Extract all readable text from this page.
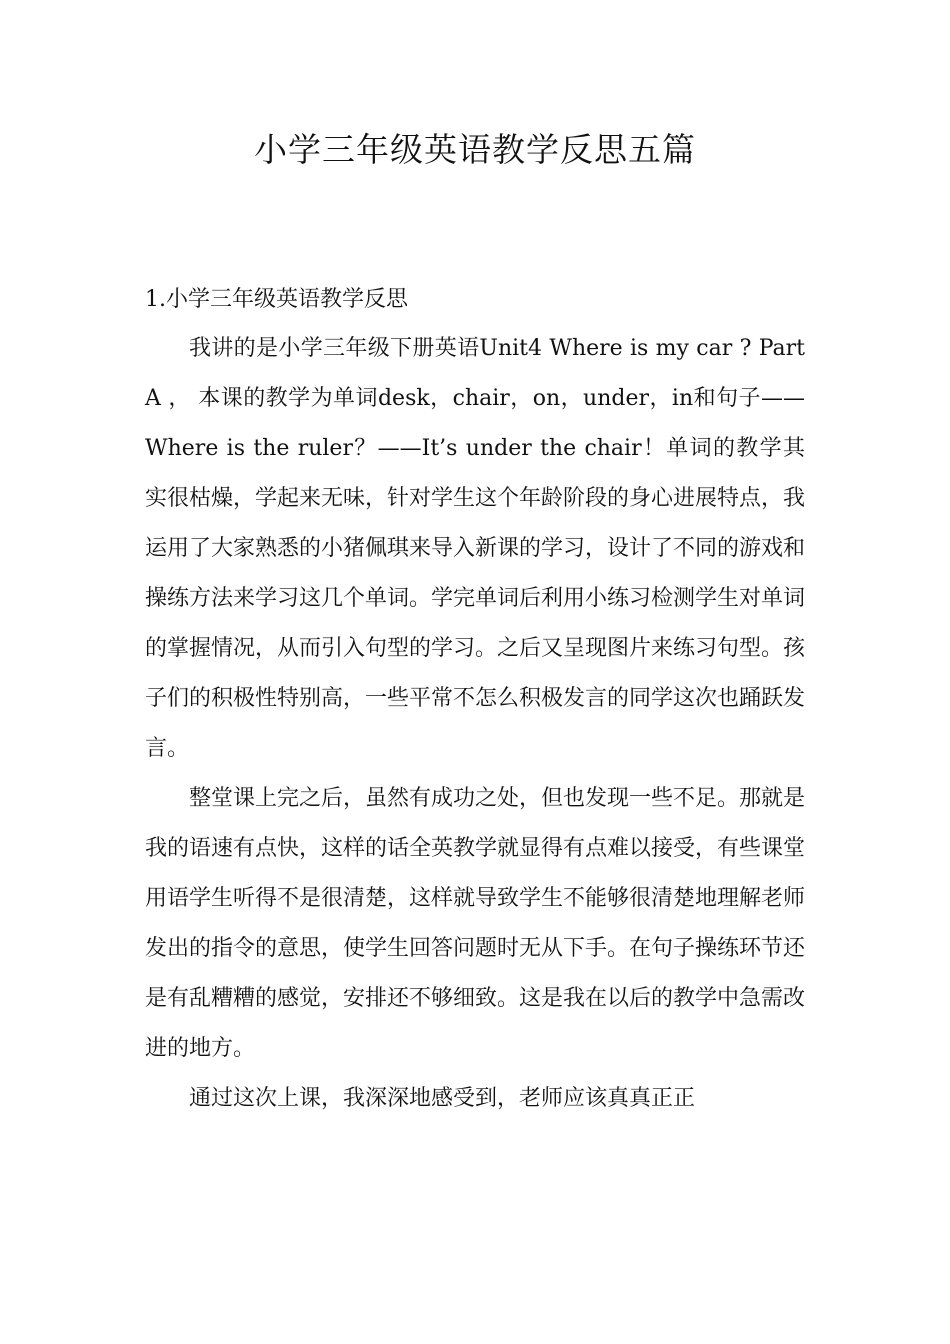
小学三年级英语教学反思五篇
1.小学三年级英语教学反思

我讲的是小学三年级下册英语Unit4 Where is my car ? PartA ， 本课的教学为单词desk，chair，on，under，in和句子——Where is the ruler？——It’s under the chair！单词的教学其实很枯燥，学起来无味，针对学生这个年龄阶段的身心进展特点，我运用了大家熟悉的小猪佩琪来导入新课的学习，设计了不同的游戏和操练方法来学习这几个单词。学完单词后利用小练习检测学生对单词的掌握情况，从而引入句型的学习。之后又呈现图片来练习句型。孩子们的积极性特别高，一些平常不怎么积极发言的同学这次也踊跃发言。

整堂课上完之后，虽然有成功之处，但也发现一些不足。那就是我的语速有点快，这样的话全英教学就显得有点难以接受，有些课堂用语学生听得不是很清楚，这样就导致学生不能够很清楚地理解老师发出的指令的意思，使学生回答问题时无从下手。在句子操练环节还是有乱糟糟的感觉，安排还不够细致。这是我在以后的教学中急需改进的地方。

通过这次上课，我深深地感受到，老师应该真真正正
